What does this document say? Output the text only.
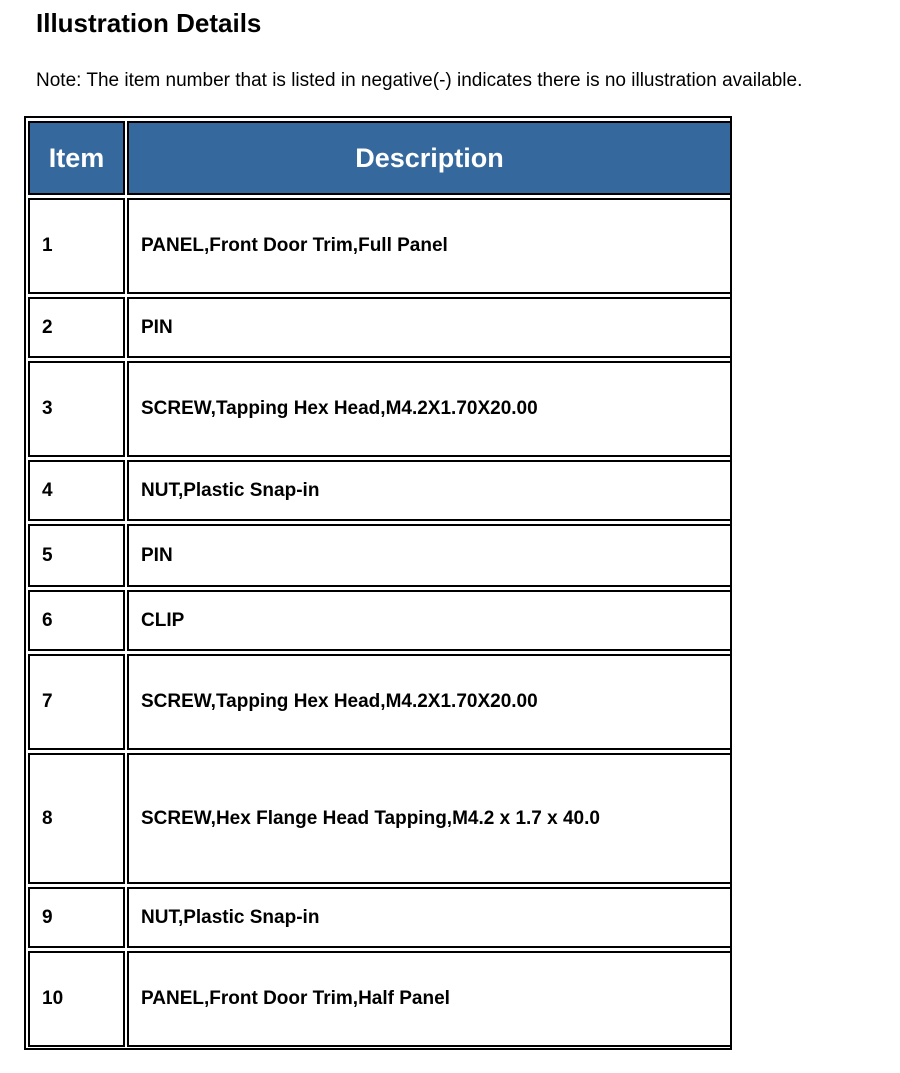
Illustration Details
Note: The item number that is listed in negative(-) indicates there is no illustration available.
Item	Description
1	PANEL,Front Door Trim,Full Panel
2	PIN
3	SCREW,Tapping Hex Head,M4.2X1.70X20.00
4	NUT,Plastic Snap-in
5	PIN
6	CLIP
7	SCREW,Tapping Hex Head,M4.2X1.70X20.00
8	SCREW,Hex Flange Head Tapping,M4.2 x 1.7 x 40.0
9	NUT,Plastic Snap-in
10	PANEL,Front Door Trim,Half Panel
